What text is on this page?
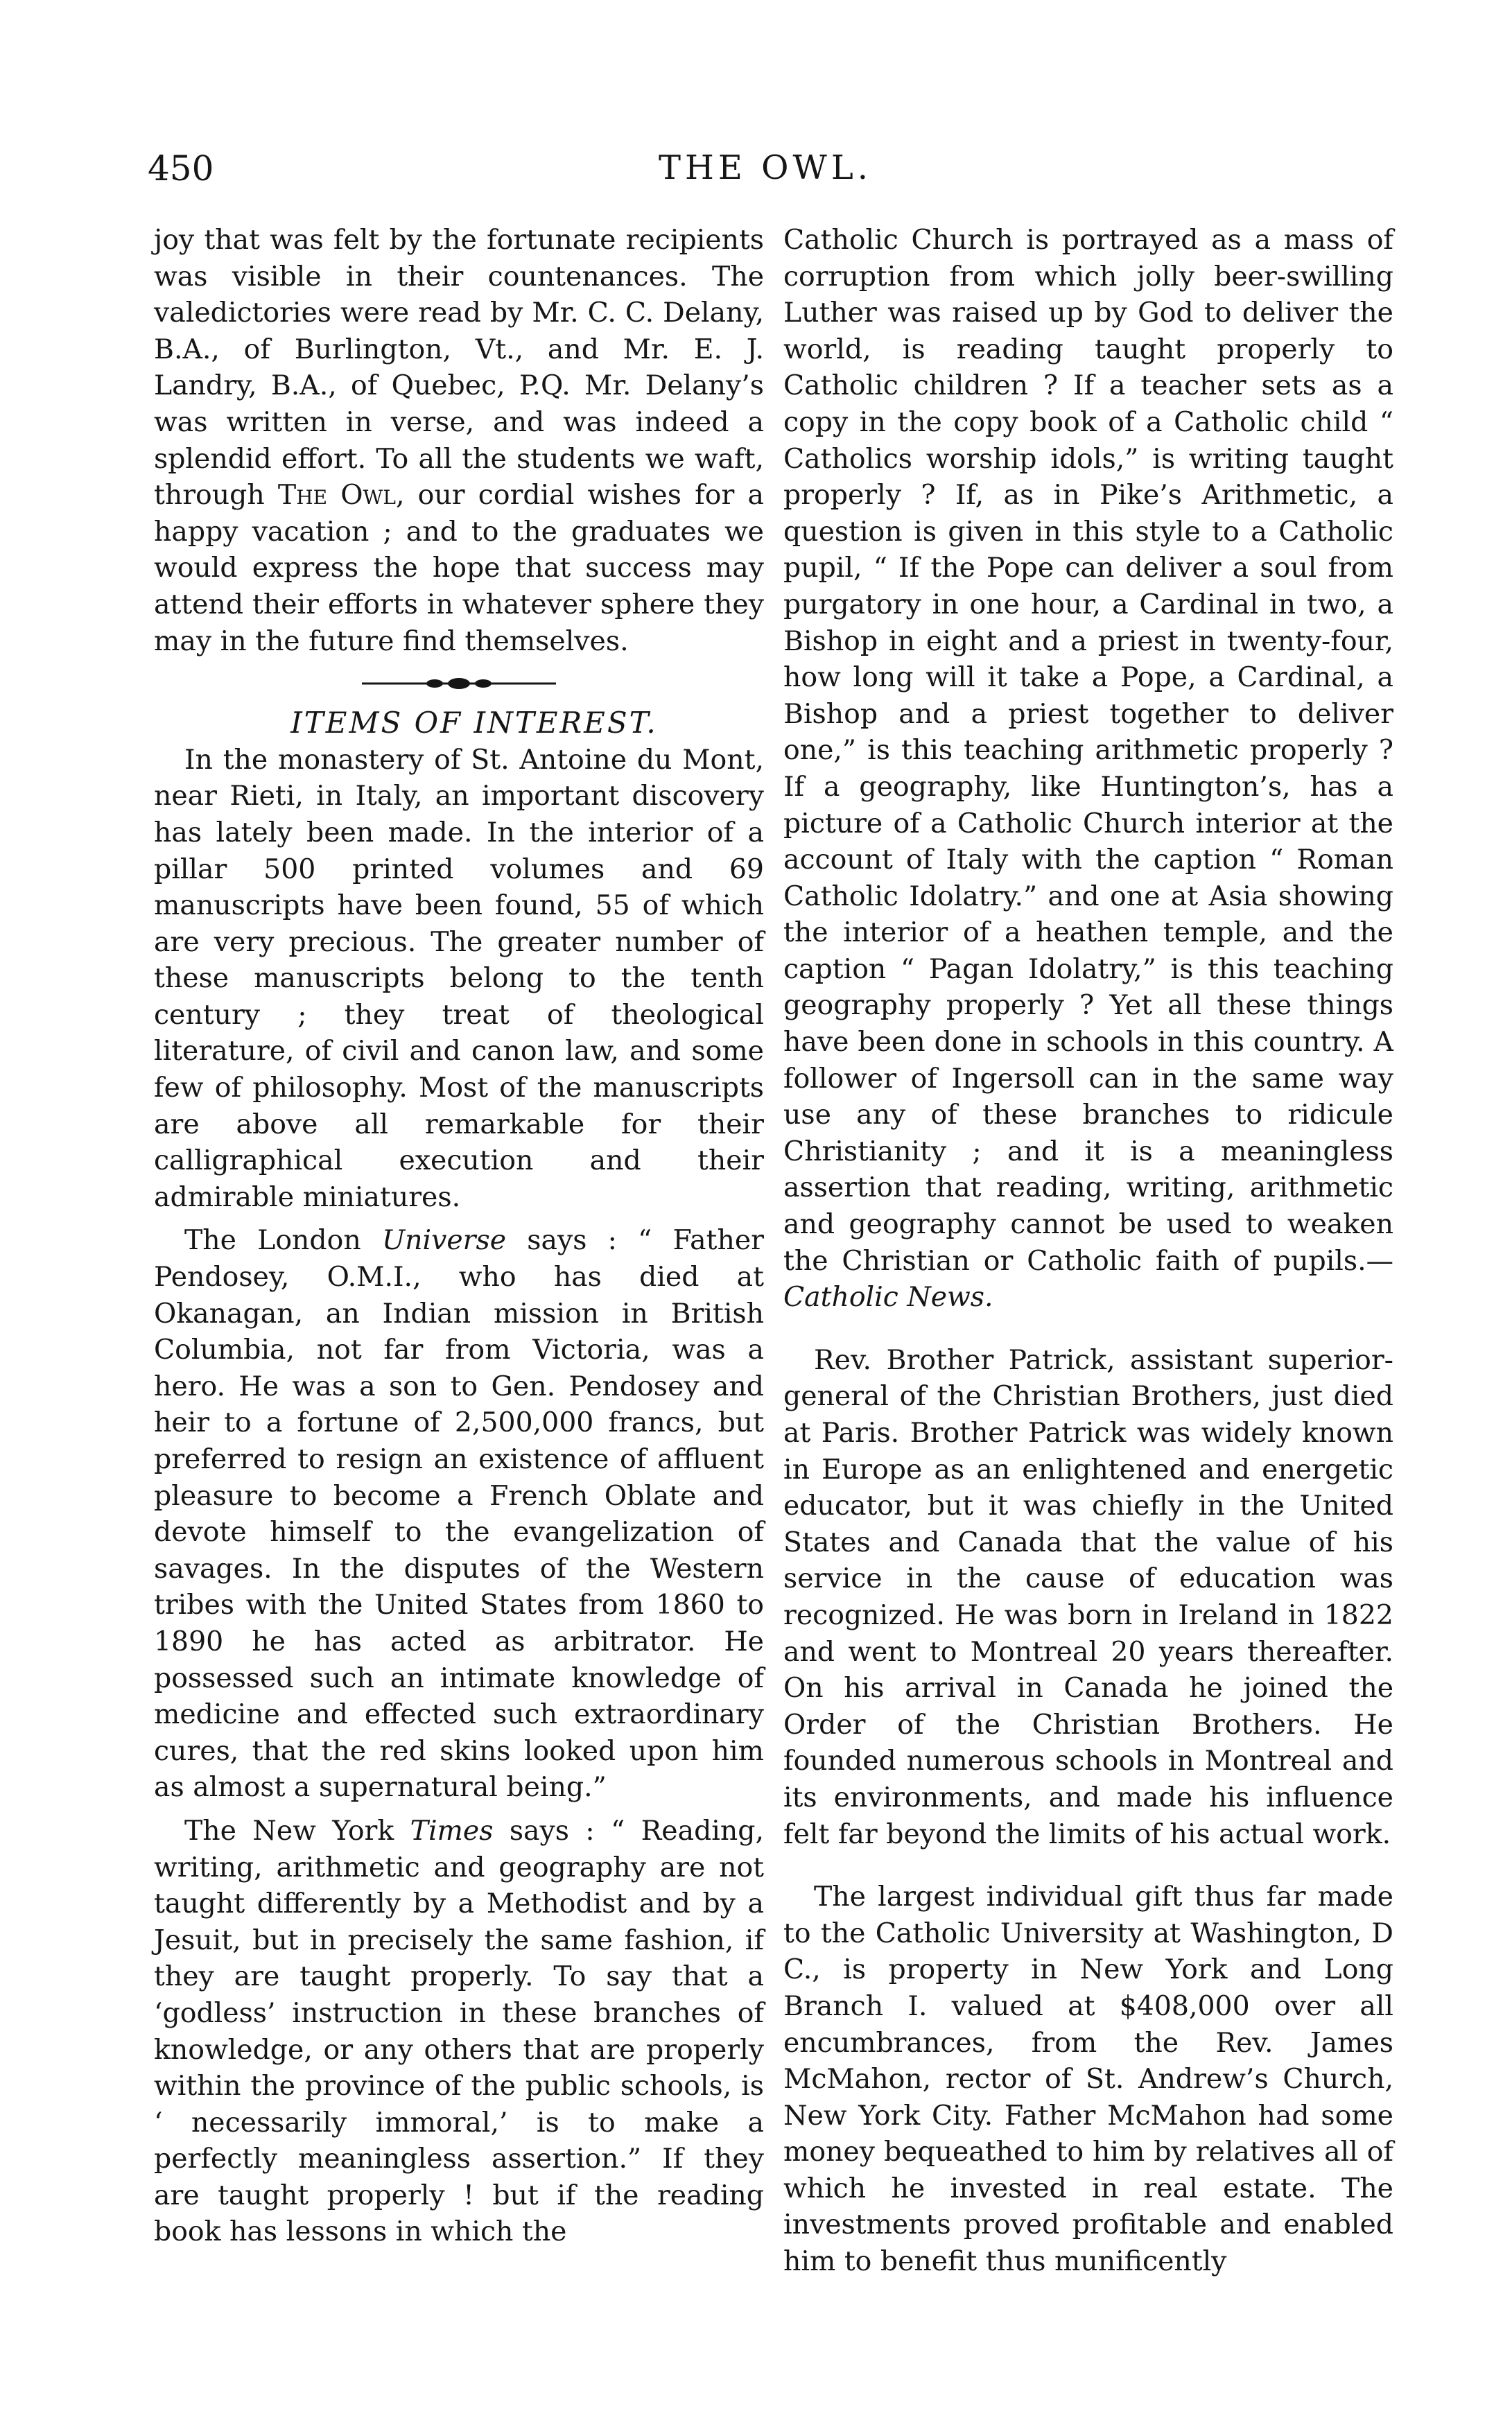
450	THE OWL.

joy that was felt by the fortunate recipients was visible in their countenances. The valedictories were read by Mr. C. C. Delany, B.A., of Burlington, Vt., and Mr. E. J. Landry, B.A., of Quebec, P.Q. Mr. Delany’s was written in verse, and was indeed a splendid effort. To all the students we waft, through The Owl, our cordial wishes for a happy vacation ; and to the graduates we would express the hope that success may attend their efforts in whatever sphere they may in the future find themselves.

ITEMS OF INTEREST.

In the monastery of St. Antoine du Mont, near Rieti, in Italy, an important discovery has lately been made. In the interior of a pillar 500 printed volumes and 69 manuscripts have been found, 55 of which are very precious. The greater number of these manuscripts belong to the tenth century ; they treat of theological literature, of civil and canon law, and some few of philosophy. Most of the manuscripts are above all remarkable for their calligraphical execution and their admirable miniatures.

The London Universe says : “ Father Pendosey, O.M.I., who has died at Okanagan, an Indian mission in British Columbia, not far from Victoria, was a hero. He was a son to Gen. Pendosey and heir to a fortune of 2,500,000 francs, but preferred to resign an existence of affluent pleasure to become a French Oblate and devote himself to the evangelization of savages. In the disputes of the Western tribes with the United States from 1860 to 1890 he has acted as arbitrator. He possessed such an intimate knowledge of medicine and effected such extraordinary cures, that the red skins looked upon him as almost a supernatural being.”

The New York Times says : “ Reading, writing, arithmetic and geography are not taught differently by a Methodist and by a Jesuit, but in precisely the same fashion, if they are taught properly. To say that a ‘godless’ instruction in these branches of knowledge, or any others that are properly within the province of the public schools, is ‘ necessarily immoral,’ is to make a perfectly meaningless assertion.” If they are taught properly ! but if the reading book has lessons in which the

Catholic Church is portrayed as a mass of corruption from which jolly beer-swilling Luther was raised up by God to deliver the world, is reading taught properly to Catholic children ? If a teacher sets as a copy in the copy book of a Catholic child “ Catholics worship idols,” is writing taught properly ? If, as in Pike’s Arithmetic, a question is given in this style to a Catholic pupil, “ If the Pope can deliver a soul from purgatory in one hour, a Cardinal in two, a Bishop in eight and a priest in twenty-four, how long will it take a Pope, a Cardinal, a Bishop and a priest together to deliver one,” is this teaching arithmetic properly ? If a geography, like Huntington’s, has a picture of a Catholic Church interior at the account of Italy with the caption “ Roman Catholic Idolatry.” and one at Asia showing the interior of a heathen temple, and the caption “ Pagan Idolatry,” is this teaching geography properly ? Yet all these things have been done in schools in this country. A follower of Ingersoll can in the same way use any of these branches to ridicule Christianity ; and it is a meaningless assertion that reading, writing, arithmetic and geography cannot be used to weaken the Christian or Catholic faith of pupils.— Catholic News.

Rev. Brother Patrick, assistant superior-general of the Christian Brothers, just died at Paris. Brother Patrick was widely known in Europe as an enlightened and energetic educator, but it was chiefly in the United States and Canada that the value of his service in the cause of education was recognized. He was born in Ireland in 1822 and went to Montreal 20 years thereafter. On his arrival in Canada he joined the Order of the Christian Brothers. He founded numerous schools in Montreal and its environments, and made his influence felt far beyond the limits of his actual work.

The largest individual gift thus far made to the Catholic University at Washington, D C., is property in New York and Long Branch I. valued at $408,000 over all encumbrances, from the Rev. James McMahon, rector of St. Andrew’s Church, New York City. Father McMahon had some money bequeathed to him by relatives all of which he invested in real estate. The investments proved profitable and enabled him to benefit thus munificently
